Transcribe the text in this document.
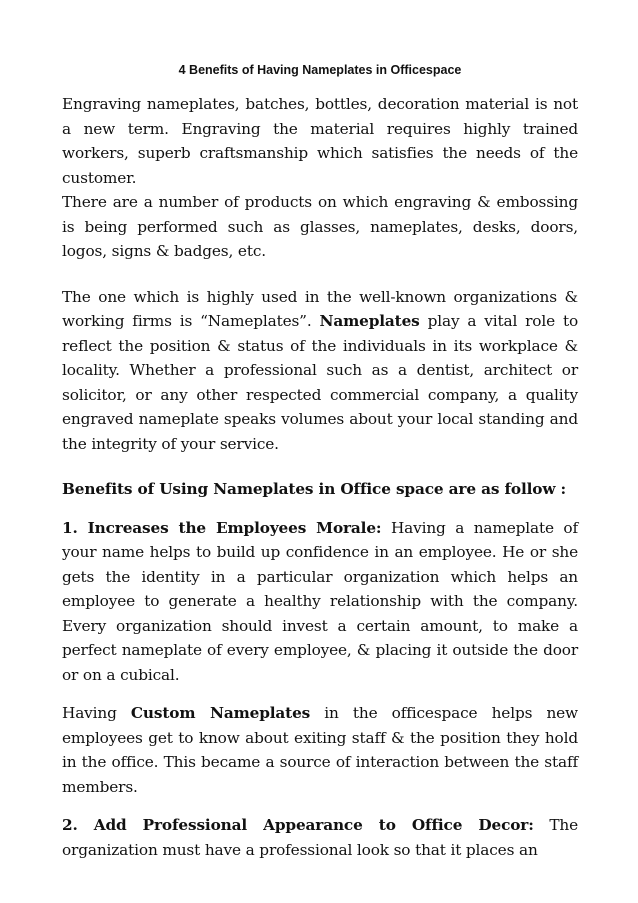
4 Benefits of Having Nameplates in Officespace

Engraving nameplates, batches, bottles, decoration material is not a new term. Engraving the material requires highly trained workers, superb craftsmanship which satisfies the needs of the customer.

There are a number of products on which engraving & embossing is being performed such as glasses, nameplates, desks, doors, logos, signs & badges, etc.

The one which is highly used in the well-known organizations & working firms is “Nameplates”. Nameplates play a vital role to reflect the position & status of the individuals in its workplace & locality. Whether a professional such as a dentist, architect or solicitor, or any other respected commercial company, a quality engraved nameplate speaks volumes about your local standing and the integrity of your service.

Benefits of Using Nameplates in Office space are as follow :

1. Increases the Employees Morale: Having a nameplate of your name helps to build up confidence in an employee. He or she gets the identity in a particular organization which helps an employee to generate a healthy relationship with the company. Every organization should invest a certain amount, to make a perfect nameplate of every employee, & placing it outside the door or on a cubical.

Having Custom Nameplates in the officespace helps new employees get to know about exiting staff & the position they hold in the office. This became a source of interaction between the staff members.

2. Add Professional Appearance to Office Decor: The organization must have a professional look so that it places an
